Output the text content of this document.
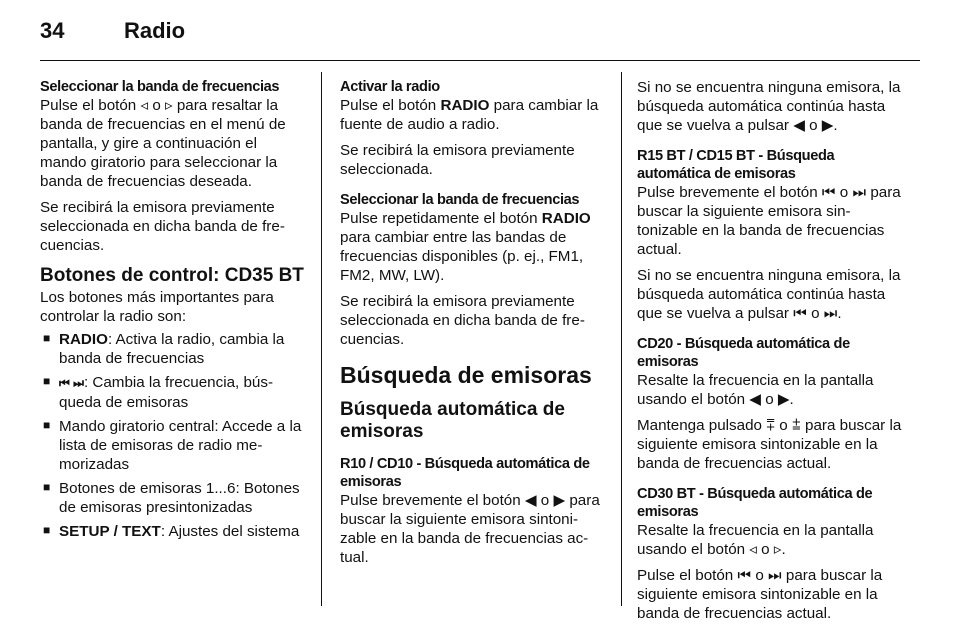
34	Radio
Seleccionar la banda de frecuencias

Pulse el botón ◃ o ▹ para resaltar la banda de frecuencias en el menú de pantalla, y gire a continuación el mando giratorio para seleccionar la banda de frecuencias deseada.

Se recibirá la emisora previamente seleccionada en dicha banda de frecuencias.

Botones de control: CD35 BT

Los botones más importantes para controlar la radio son:

■ RADIO: Activa la radio, cambia la banda de frecuencias
■ ⏮ ⏭: Cambia la frecuencia, búsqueda de emisoras
■ Mando giratorio central: Accede a la lista de emisoras de radio memorizadas
■ Botones de emisoras 1...6: Botones de emisoras presintonizadas
■ SETUP / TEXT: Ajustes del sistema
Activar la radio

Pulse el botón RADIO para cambiar la fuente de audio a radio.

Se recibirá la emisora previamente seleccionada.

Seleccionar la banda de frecuencias

Pulse repetidamente el botón RADIO para cambiar entre las bandas de frecuencias disponibles (p. ej., FM1, FM2, MW, LW).

Se recibirá la emisora previamente seleccionada en dicha banda de frecuencias.

Búsqueda de emisoras
Búsqueda automática de emisoras
R10 / CD10 - Búsqueda automática de emisoras

Pulse brevemente el botón ◀ o ▶ para buscar la siguiente emisora sintonizable en la banda de frecuencias actual.

Si no se encuentra ninguna emisora, la búsqueda automática continúa hasta que se vuelva a pulsar ◀ o ▶.

R15 BT / CD15 BT - Búsqueda automática de emisoras

Pulse brevemente el botón ⏮ o ⏭ para buscar la siguiente emisora sintonizable en la banda de frecuencias actual.

Si no se encuentra ninguna emisora, la búsqueda automática continúa hasta que se vuelva a pulsar ⏮ o ⏭.

CD20 - Búsqueda automática de emisoras

Resalte la frecuencia en la pantalla usando el botón ◀ o ▶.

Mantenga pulsado ⩱ o ⩲ para buscar la siguiente emisora sintonizable en la banda de frecuencias actual.

CD30 BT - Búsqueda automática de emisoras

Resalte la frecuencia en la pantalla usando el botón ◃ o ▹.

Pulse el botón ⏮ o ⏭ para buscar la siguiente emisora sintonizable en la banda de frecuencias actual.
